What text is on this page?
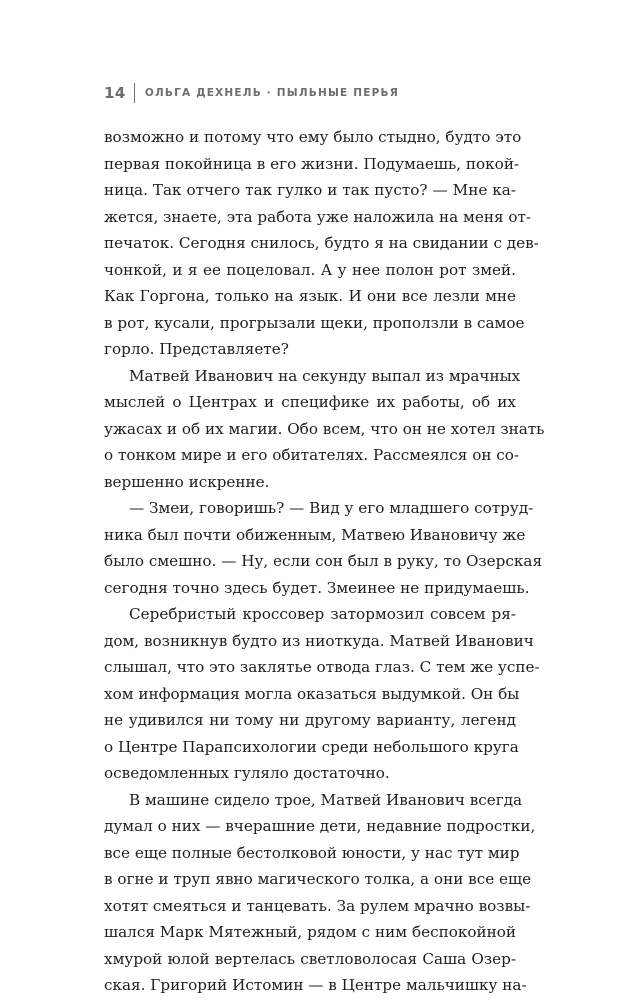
14 ОЛЬГА ДЕХНЕЛЬ · ПЫЛЬНЫЕ ПЕРЬЯ

возможно и потому что ему было стыдно, будто это
первая покойница в его жизни. Подумаешь, покой-
ница. Так отчего так гулко и так пусто? — Мне ка-
жется, знаете, эта работа уже наложила на меня от-
печаток. Сегодня снилось, будто я на свидании с дев-
чонкой, и я ее поцеловал. А у нее полон рот змей.
Как Горгона, только на язык. И они все лезли мне
в рот, кусали, прогрызали щеки, проползли в самое
горло. Представляете?

Матвей Иванович на секунду выпал из мрачных
мыслей о Центрах и специфике их работы, об их
ужасах и об их магии. Обо всем, что он не хотел знать
о тонком мире и его обитателях. Рассмеялся он со-
вершенно искренне.

— Змеи, говоришь? — Вид у его младшего сотруд-
ника был почти обиженным, Матвею Ивановичу же
было смешно. — Ну, если сон был в руку, то Озерская
сегодня точно здесь будет. Змеинее не придумаешь.

Серебристый кроссовер затормозил совсем ря-
дом, возникнув будто из ниоткуда. Матвей Иванович
слышал, что это заклятье отвода глаз. С тем же успе-
хом информация могла оказаться выдумкой. Он бы
не удивился ни тому ни другому варианту, легенд
о Центре Парапсихологии среди небольшого круга
осведомленных гуляло достаточно.

В машине сидело трое, Матвей Иванович всегда
думал о них — вчерашние дети, недавние подростки,
все еще полные бестолковой юности, у нас тут мир
в огне и труп явно магического толка, а они все еще
хотят смеяться и танцевать. За рулем мрачно возвы-
шался Марк Мятежный, рядом с ним беспокойной
хмурой юлой вертелась светловолосая Саша Озер-
ская. Григорий Истомин — в Центре мальчишку на-
